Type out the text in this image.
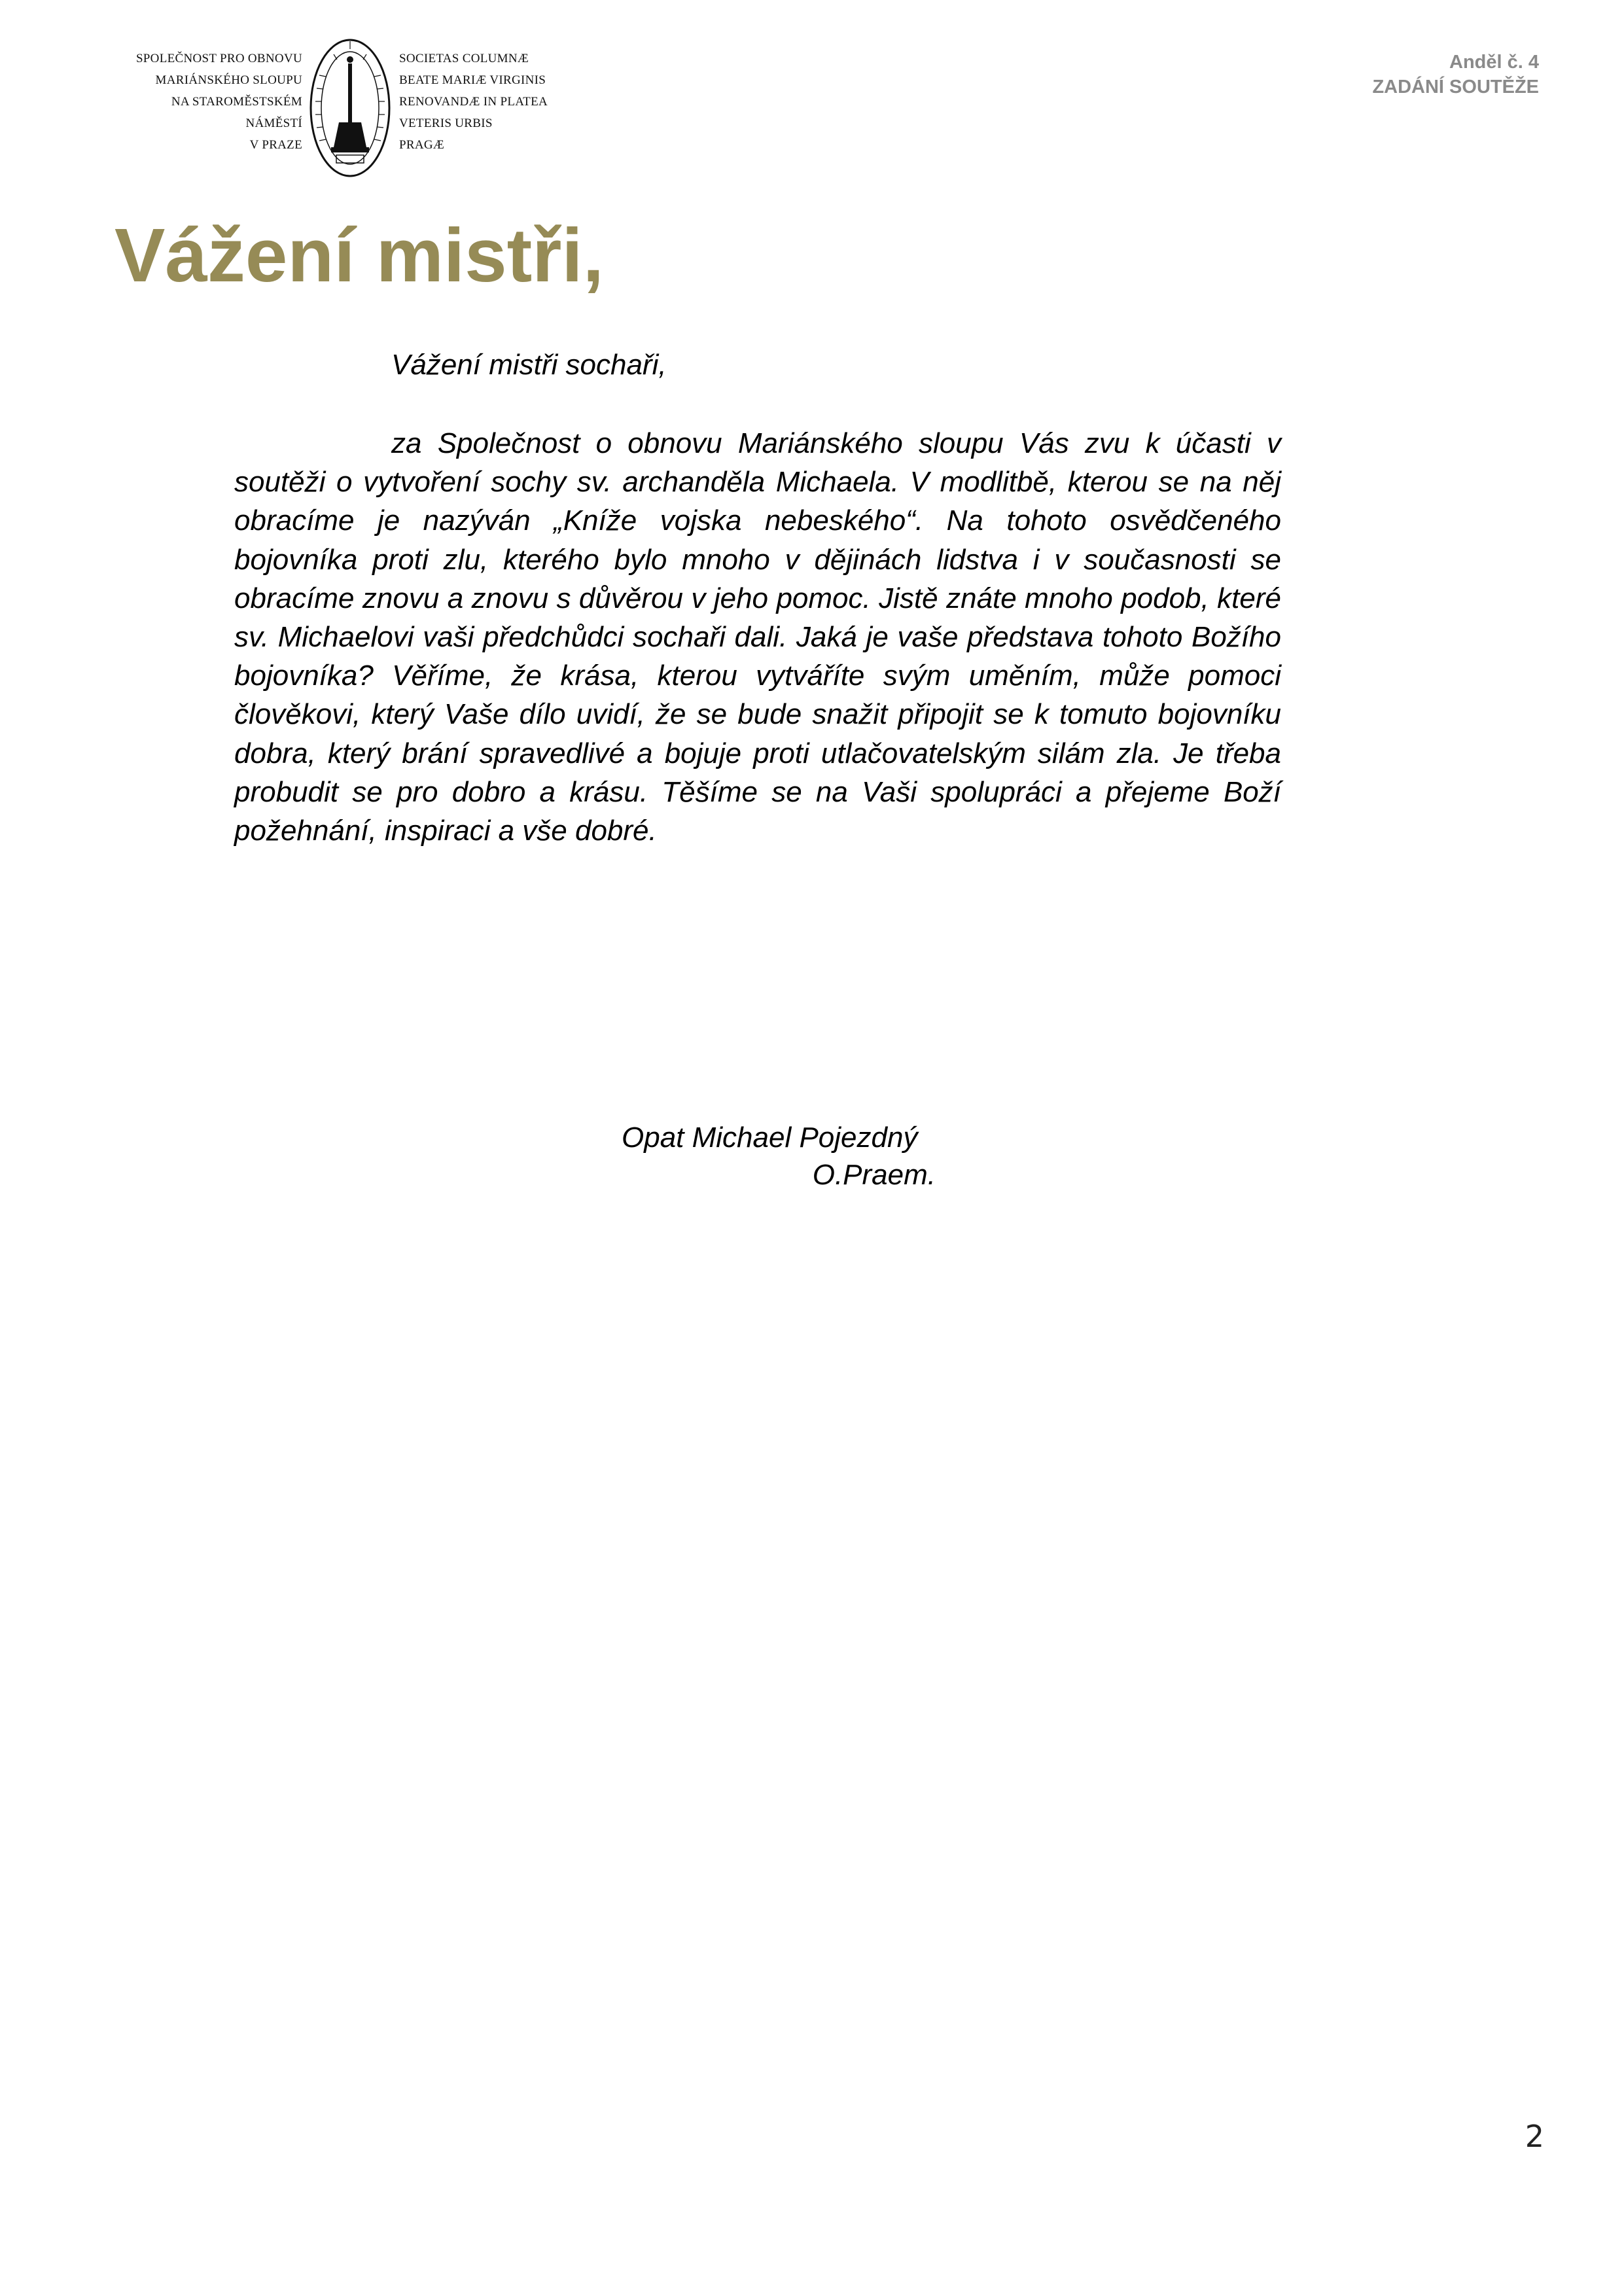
SPOLEČNOST PRO OBNOVU
MARIÁNSKÉHO SLOUPU
NA STAROMĚSTSKÉM
NÁMĚSTÍ
V PRAZE
SOCIETAS COLUMNÆ
BEATE MARIÆ VIRGINIS
RENOVANDÆ IN PLATEA
VETERIS URBIS
PRAGÆ
Anděl č. 4
ZADÁNÍ SOUTĚŽE
Vážení mistři,
Vážení mistři sochaři,
za Společnost o obnovu Mariánského sloupu Vás zvu k účasti v soutěži o vytvoření sochy sv. archanděla Michaela. V modlitbě, kterou se na něj obracíme je nazýván „Kníže vojska nebeského“. Na tohoto osvědčeného bojovníka proti zlu, kterého bylo mnoho v dějinách lidstva i v současnosti se obracíme znovu a znovu s důvěrou v jeho pomoc. Jistě znáte mnoho podob, které sv. Michaelovi vaši předchůdci sochaři dali. Jaká je vaše představa tohoto Božího bojovníka? Věříme, že krása, kterou vytváříte svým uměním, může pomoci člověkovi, který Vaše dílo uvidí, že se bude snažit připojit se k tomuto bojovníku dobra, který brání spravedlivé a bojuje proti utlačovatelským silám zla. Je třeba probudit se pro dobro a krásu. Těšíme se na Vaši spolupráci a přejeme Boží požehnání, inspiraci a vše dobré.
Opat Michael Pojezdný
O.Praem.
2
